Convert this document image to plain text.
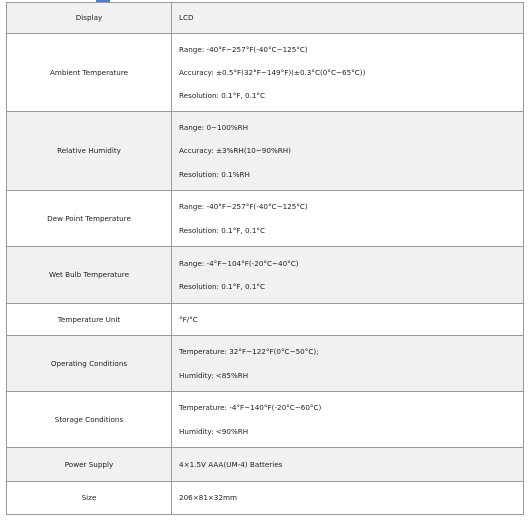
Display	LCD

Ambient Temperature	Range: -40°F~257°F(-40°C~125°C)
Accuracy: ±0.5°F(32°F~149°F)(±0.3°C(0°C~65°C))
Resolution: 0.1°F, 0.1°C

Relative Humidity	Range: 0~100%RH
Accuracy: ±3%RH(10~90%RH)
Resolution: 0.1%RH

Dew Point Temperature	Range: -40°F~257°F(-40°C~125°C)
Resolution: 0.1°F, 0.1°C

Wet Bulb Temperature	Range: -4°F~104°F(-20°C~40°C)
Resolution: 0.1°F, 0.1°C

Temperature Unit	°F/°C

Operating Conditions	Temperature: 32°F~122°F(0°C~50°C);
Humidity: <85%RH

Storage Conditions	Temperature: -4°F~140°F(-20°C~60°C)
Humidity: <90%RH

Power Supply	4×1.5V AAA(UM-4) Batteries

Size	206×81×32mm
